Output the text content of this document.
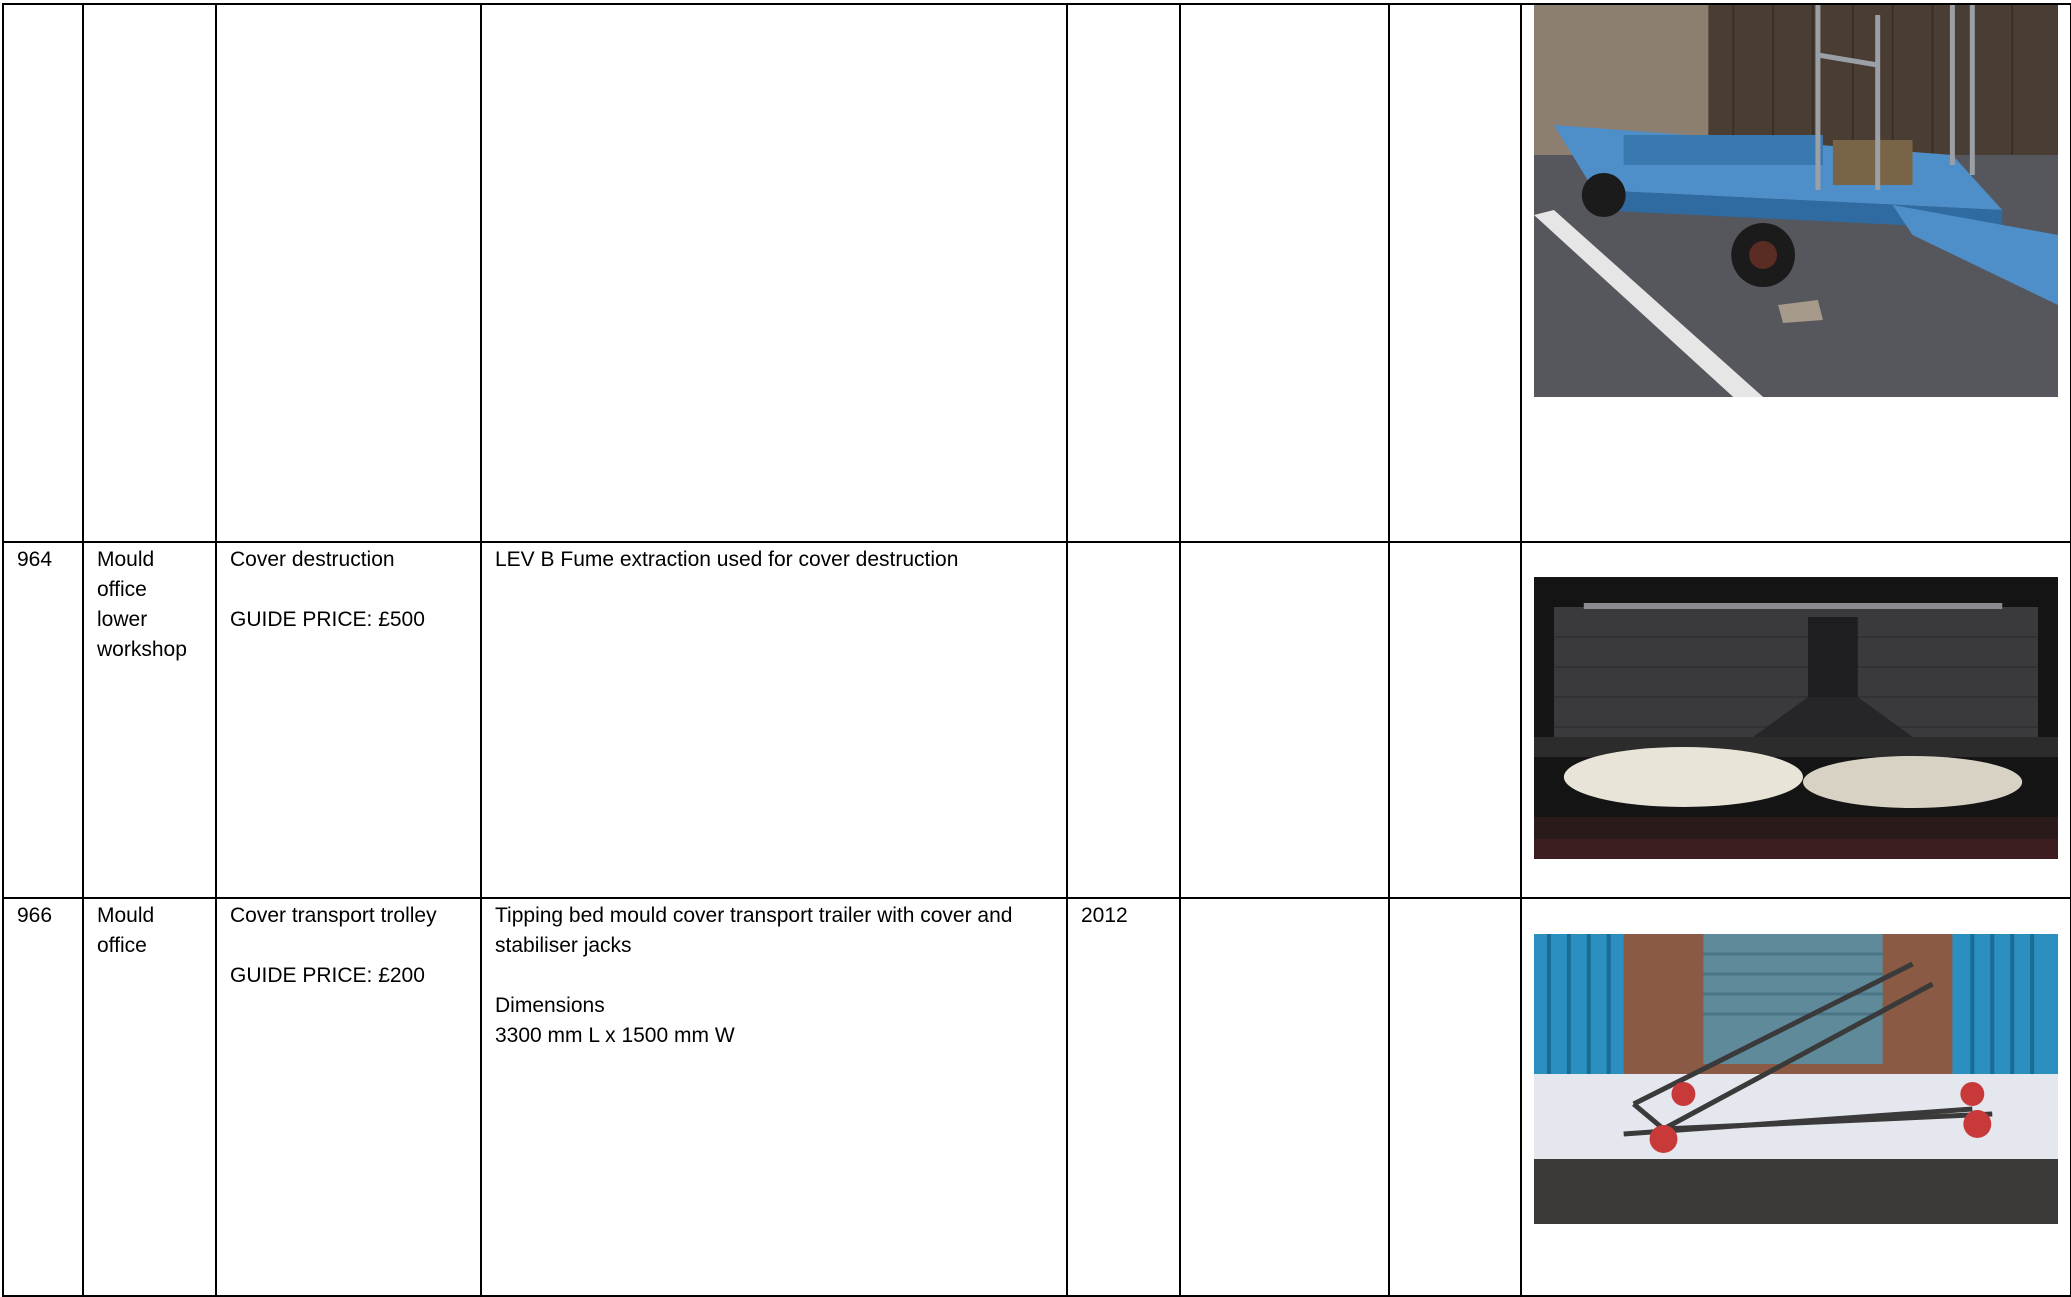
964	Mould
office
lower
workshop	Cover destruction
GUIDE PRICE: £500	LEV B Fume extraction used for cover destruction

966	Mould
office	Cover transport trolley
GUIDE PRICE: £200	Tipping bed mould cover transport trailer with cover and
stabiliser jacks
Dimensions
3300 mm L x 1500 mm W	2012
